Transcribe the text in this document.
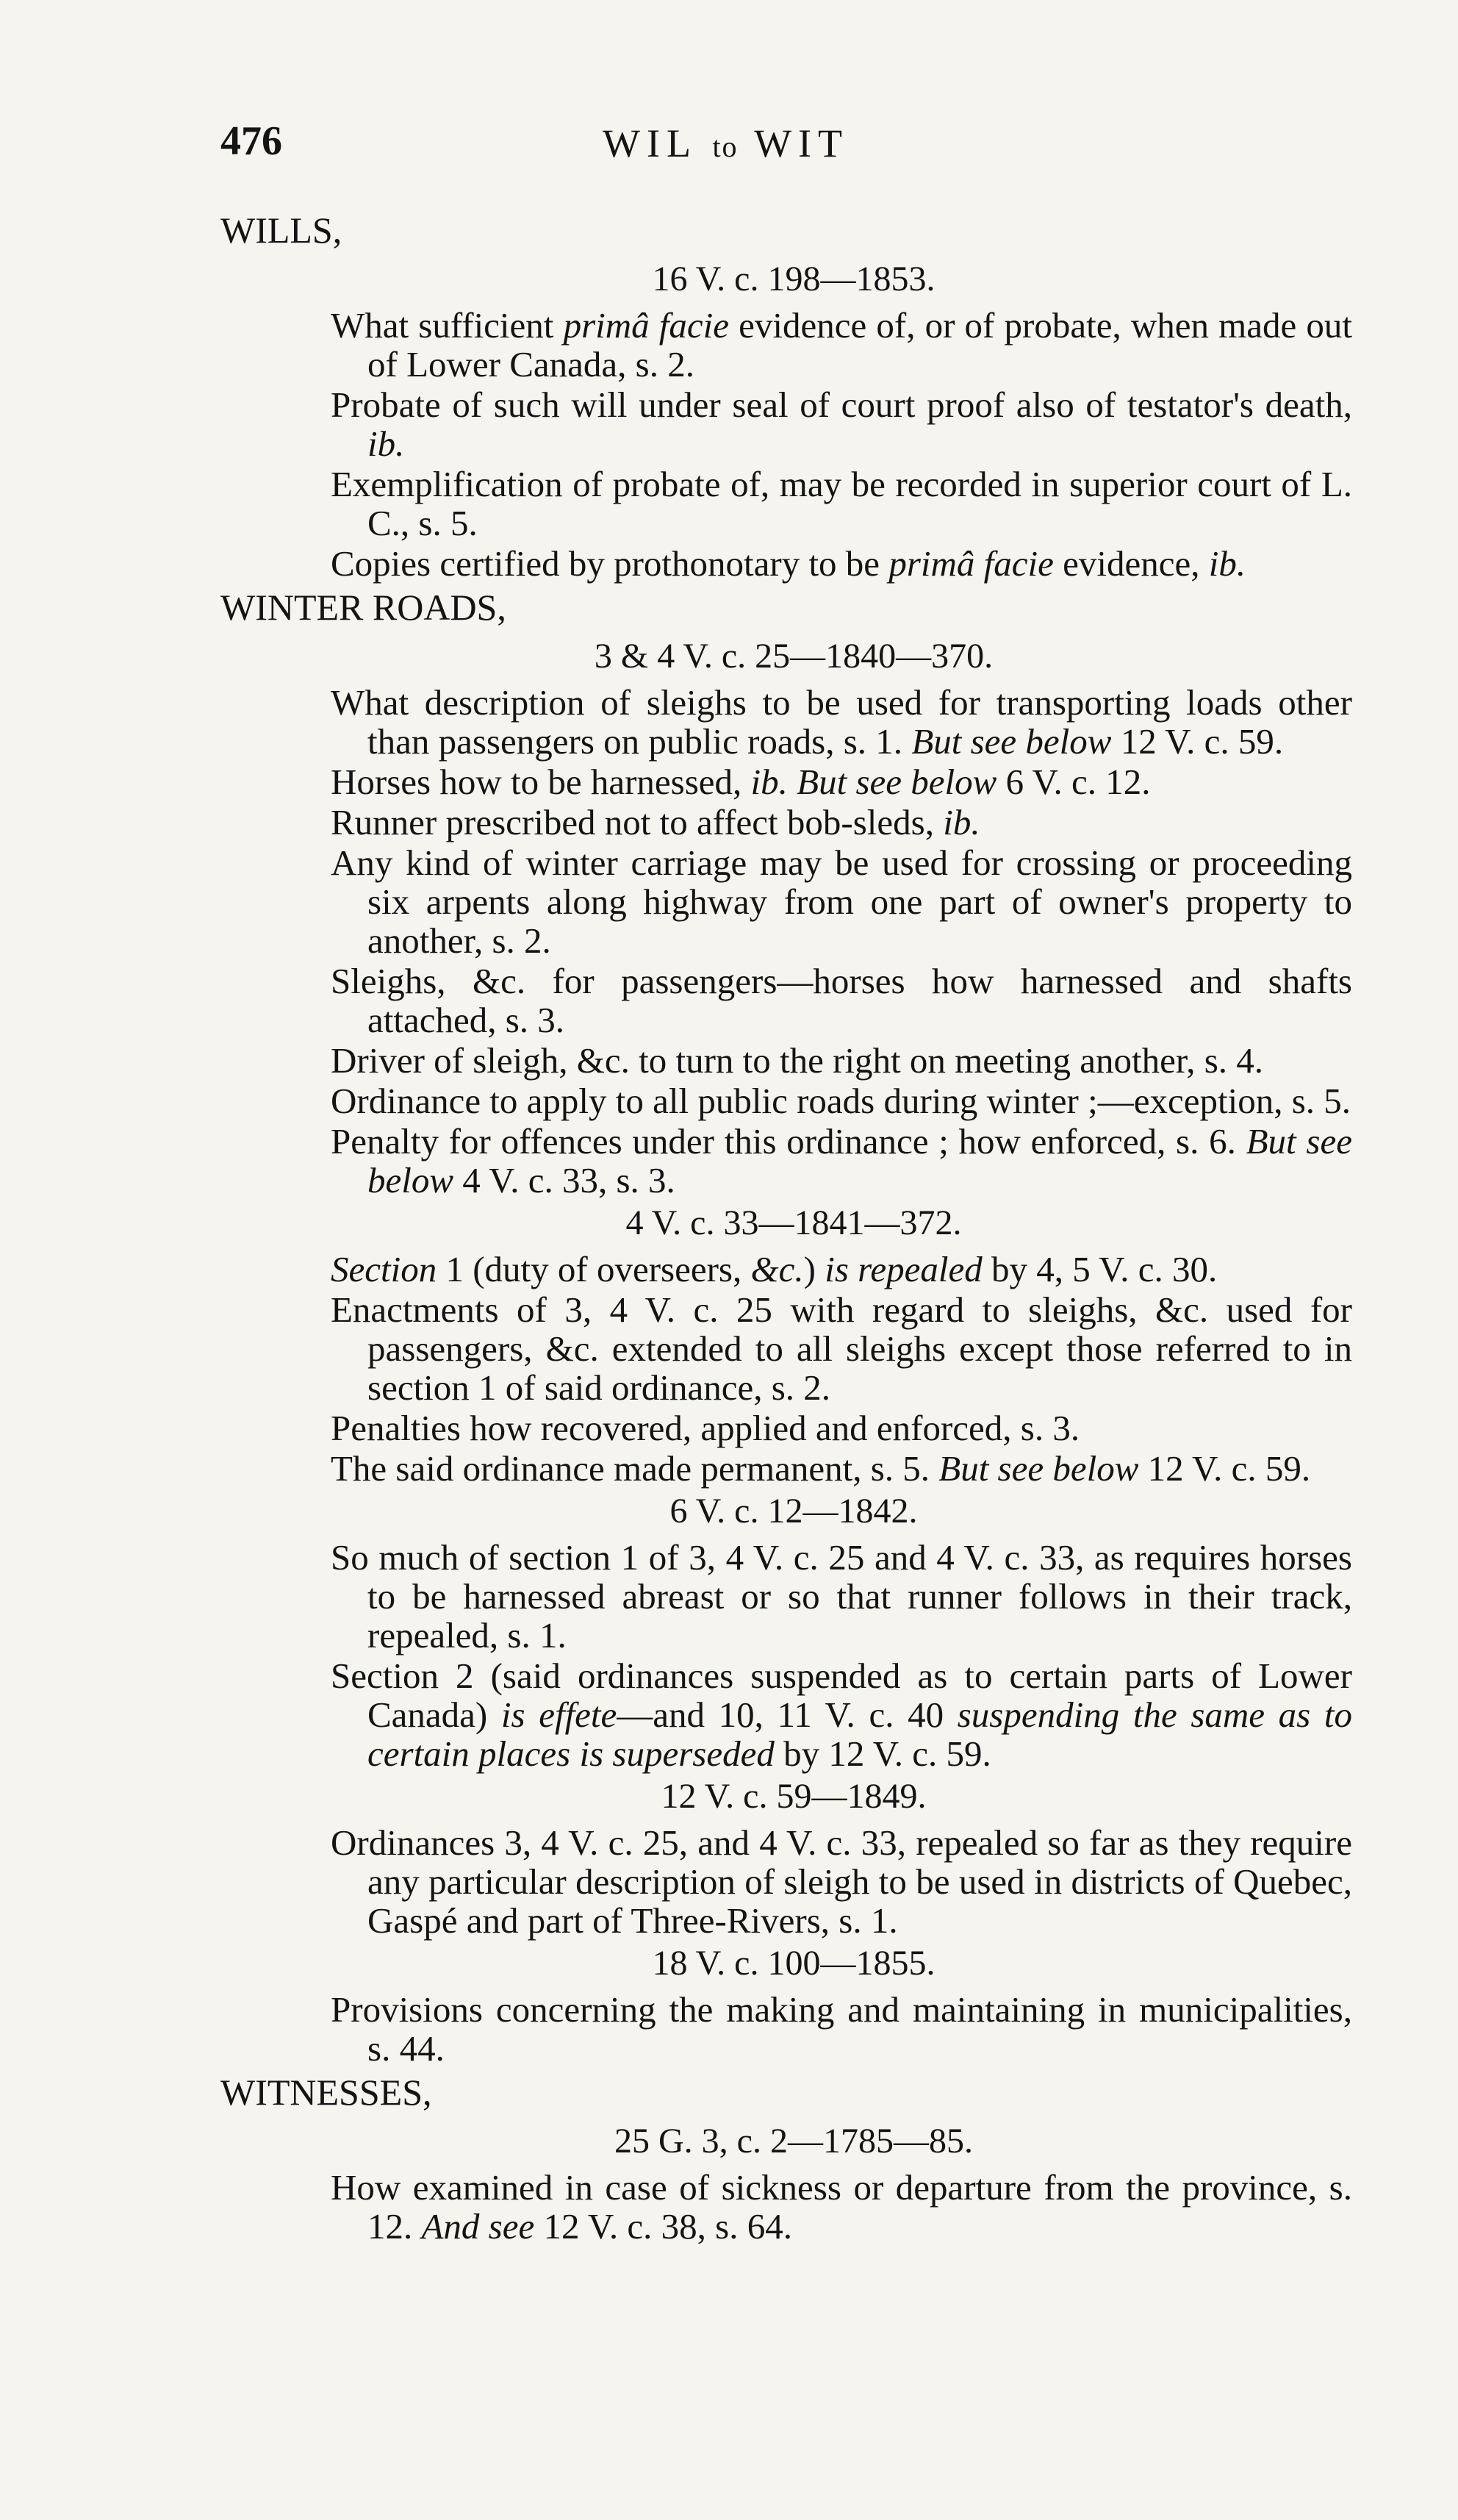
476	WIL to WIT
WILLS,
16 V. c. 198—1853.
What sufficient primâ facie evidence of, or of probate, when made out of Lower Canada, s. 2.
Probate of such will under seal of court proof also of testator's death, ib.
Exemplification of probate of, may be recorded in superior court of L. C., s. 5.
Copies certified by prothonotary to be primâ facie evidence, ib.
WINTER ROADS,
3 & 4 V. c. 25—1840—370.
What description of sleighs to be used for transporting loads other than passengers on public roads, s. 1. But see below 12 V. c. 59.
Horses how to be harnessed, ib. But see below 6 V. c. 12.
Runner prescribed not to affect bob-sleds, ib.
Any kind of winter carriage may be used for crossing or proceeding six arpents along highway from one part of owner's property to another, s. 2.
Sleighs, &c. for passengers—horses how harnessed and shafts attached, s. 3.
Driver of sleigh, &c. to turn to the right on meeting another, s. 4.
Ordinance to apply to all public roads during winter ;—exception, s. 5.
Penalty for offences under this ordinance ; how enforced, s. 6. But see below 4 V. c. 33, s. 3.
4 V. c. 33—1841—372.
Section 1 (duty of overseers, &c.) is repealed by 4, 5 V. c. 30.
Enactments of 3, 4 V. c. 25 with regard to sleighs, &c. used for passengers, &c. extended to all sleighs except those referred to in section 1 of said ordinance, s. 2.
Penalties how recovered, applied and enforced, s. 3.
The said ordinance made permanent, s. 5. But see below 12 V. c. 59.
6 V. c. 12—1842.
So much of section 1 of 3, 4 V. c. 25 and 4 V. c. 33, as requires horses to be harnessed abreast or so that runner follows in their track, repealed, s. 1.
Section 2 (said ordinances suspended as to certain parts of Lower Canada) is effete—and 10, 11 V. c. 40 suspending the same as to certain places is superseded by 12 V. c. 59.
12 V. c. 59—1849.
Ordinances 3, 4 V. c. 25, and 4 V. c. 33, repealed so far as they require any particular description of sleigh to be used in districts of Quebec, Gaspé and part of Three-Rivers, s. 1.
18 V. c. 100—1855.
Provisions concerning the making and maintaining in municipalities, s. 44.
WITNESSES,
25 G. 3, c. 2—1785—85.
How examined in case of sickness or departure from the province, s. 12. And see 12 V. c. 38, s. 64.
